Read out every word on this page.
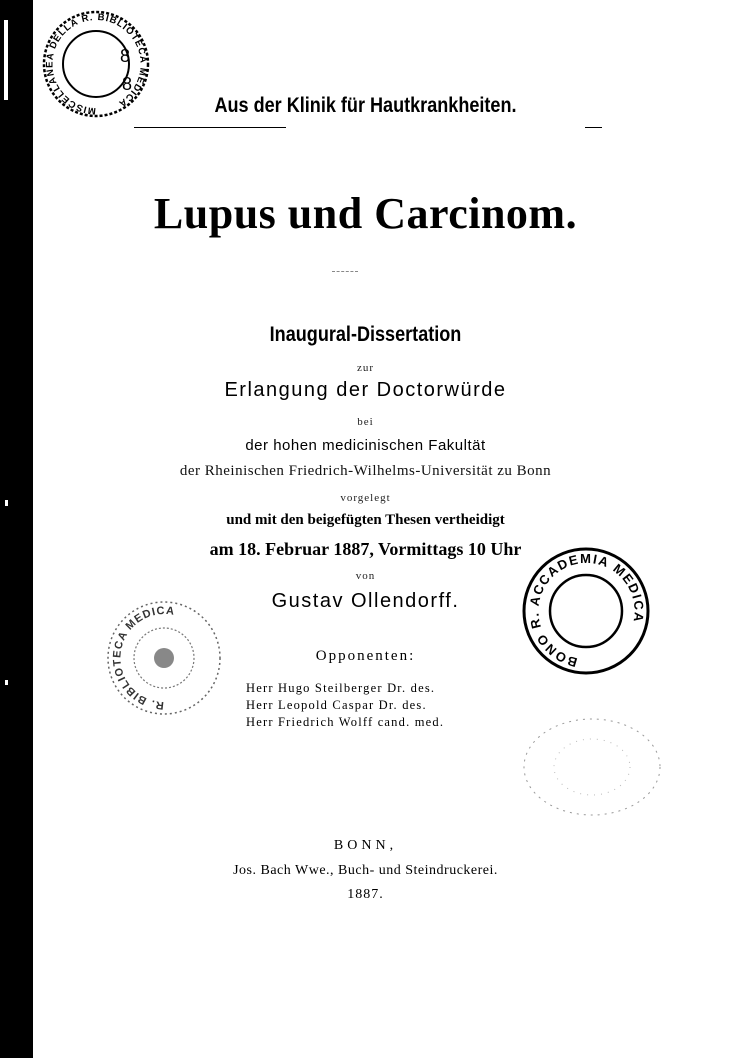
MISCELLANEA DELLA R. BIBLIOTECA MEDICA
8
8
Aus der Klinik für Hautkrankheiten.
Lupus und Carcinom.
Inaugural-Dissertation
zur
Erlangung der Doctorwürde
bei
der hohen medicinischen Fakultät
der Rheinischen Friedrich-Wilhelms-Universität zu Bonn
vorgelegt
und mit den beigefügten Thesen vertheidigt
am 18. Februar 1887, Vormittags 10 Uhr
von
Gustav Ollendorff.
Opponenten:
Herr Hugo Steilberger Dr. des.
Herr Leopold Caspar Dr. des.
Herr Friedrich Wolff cand. med.
BONO R. ACCADEMIA MEDICA
R. BIBLIOTECA MEDICA
BONN,
Jos. Bach Wwe., Buch- und Steindruckerei.
1887.
